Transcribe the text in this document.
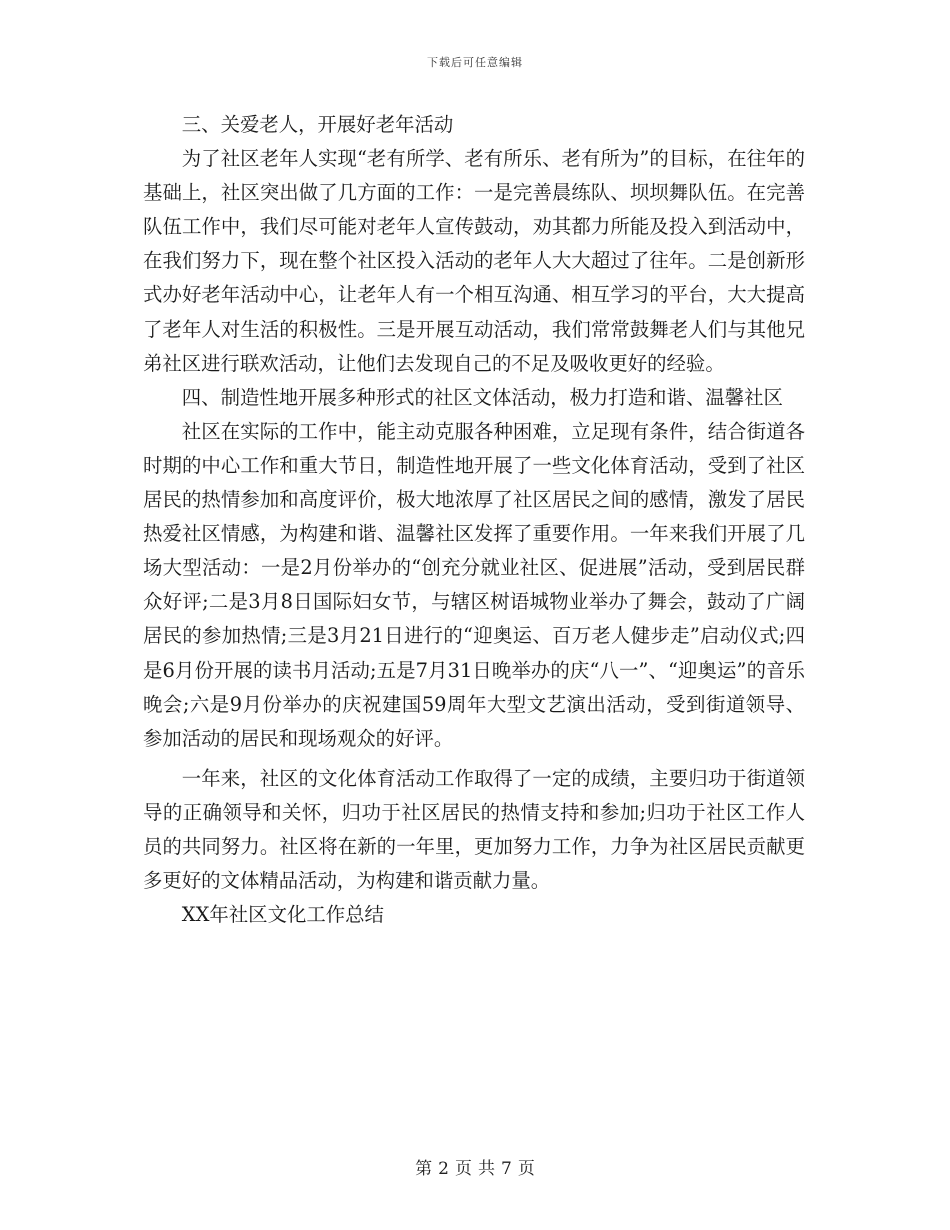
下载后可任意编辑

三、关爱老人，开展好老年活动

为了社区老年人实现“老有所学、老有所乐、老有所为”的目标，在往年的基础上，社区突出做了几方面的工作：一是完善晨练队、坝坝舞队伍。在完善队伍工作中，我们尽可能对老年人宣传鼓动，劝其都力所能及投入到活动中，在我们努力下，现在整个社区投入活动的老年人大大超过了往年。二是创新形式办好老年活动中心，让老年人有一个相互沟通、相互学习的平台，大大提高了老年人对生活的积极性。三是开展互动活动，我们常常鼓舞老人们与其他兄弟社区进行联欢活动，让他们去发现自己的不足及吸收更好的经验。

四、制造性地开展多种形式的社区文体活动，极力打造和谐、温馨社区

社区在实际的工作中，能主动克服各种困难，立足现有条件，结合街道各时期的中心工作和重大节日，制造性地开展了一些文化体育活动，受到了社区居民的热情参加和高度评价，极大地浓厚了社区居民之间的感情，激发了居民热爱社区情感，为构建和谐、温馨社区发挥了重要作用。一年来我们开展了几场大型活动：一是2月份举办的“创充分就业社区、促进展”活动，受到居民群众好评;二是3月8日国际妇女节，与辖区树语城物业举办了舞会，鼓动了广阔居民的参加热情;三是3月21日进行的“迎奥运、百万老人健步走”启动仪式;四是6月份开展的读书月活动;五是7月31日晚举办的庆“八一”、“迎奥运”的音乐晚会;六是9月份举办的庆祝建国59周年大型文艺演出活动，受到街道领导、参加活动的居民和现场观众的好评。

一年来，社区的文化体育活动工作取得了一定的成绩，主要归功于街道领导的正确领导和关怀，归功于社区居民的热情支持和参加;归功于社区工作人员的共同努力。社区将在新的一年里，更加努力工作，力争为社区居民贡献更多更好的文体精品活动，为构建和谐贡献力量。

XX年社区文化工作总结

第 2 页 共 7 页
